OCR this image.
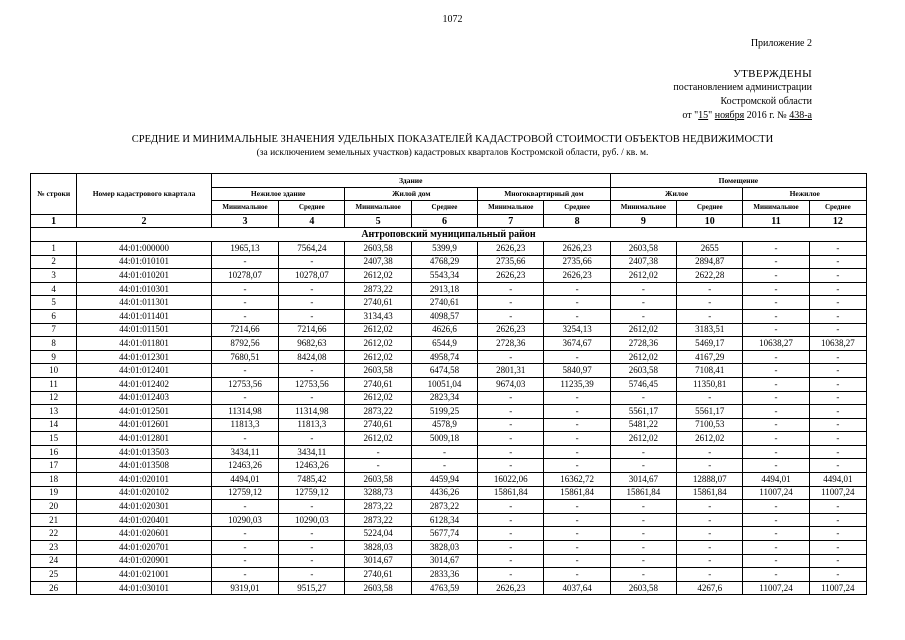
1072
Приложение 2
УТВЕРЖДЕНЫ
постановлением администрации
Костромской области
от "15" ноября 2016 г. № 438-а
СРЕДНИЕ И МИНИМАЛЬНЫЕ ЗНАЧЕНИЯ УДЕЛЬНЫХ ПОКАЗАТЕЛЕЙ КАДАСТРОВОЙ СТОИМОСТИ ОБЪЕКТОВ НЕДВИЖИМОСТИ
(за исключением земельных участков) кадастровых кварталов Костромской области, руб. / кв. м.
№ строки	Номер кадастрового квартала	Здание						Помещение			
		Нежилое здание		Жилой дом		Многоквартирный дом		Жилое		Нежилое	
		Минимальное	Среднее	Минимальное	Среднее	Минимальное	Среднее	Минимальное	Среднее	Минимальное	Среднее
1	2	3	4	5	6	7	8	9	10	11	12
Антроповский муниципальный район											
1	44:01:000000	1965,13	7564,24	2603,58	5399,9	2626,23	2626,23	2603,58	2655	-	-
2	44:01:010101	-	-	2407,38	4768,29	2735,66	2735,66	2407,38	2894,87	-	-
3	44:01:010201	10278,07	10278,07	2612,02	5543,34	2626,23	2626,23	2612,02	2622,28	-	-
4	44:01:010301	-	-	2873,22	2913,18	-	-	-	-	-	-
5	44:01:011301	-	-	2740,61	2740,61	-	-	-	-	-	-
6	44:01:011401	-	-	3134,43	4098,57	-	-	-	-	-	-
7	44:01:011501	7214,66	7214,66	2612,02	4626,6	2626,23	3254,13	2612,02	3183,51	-	-
8	44:01:011801	8792,56	9682,63	2612,02	6544,9	2728,36	3674,67	2728,36	5469,17	10638,27	10638,27
9	44:01:012301	7680,51	8424,08	2612,02	4958,74	-	-	2612,02	4167,29	-	-
10	44:01:012401	-	-	2603,58	6474,58	2801,31	5840,97	2603,58	7108,41	-	-
11	44:01:012402	12753,56	12753,56	2740,61	10051,04	9674,03	11235,39	5746,45	11350,81	-	-
12	44:01:012403	-	-	2612,02	2823,34	-	-	-	-	-	-
13	44:01:012501	11314,98	11314,98	2873,22	5199,25	-	-	5561,17	5561,17	-	-
14	44:01:012601	11813,3	11813,3	2740,61	4578,9	-	-	5481,22	7100,53	-	-
15	44:01:012801	-	-	2612,02	5009,18	-	-	2612,02	2612,02	-	-
16	44:01:013503	3434,11	3434,11	-	-	-	-	-	-	-	-
17	44:01:013508	12463,26	12463,26	-	-	-	-	-	-	-	-
18	44:01:020101	4494,01	7485,42	2603,58	4459,94	16022,06	16362,72	3014,67	12888,07	4494,01	4494,01
19	44:01:020102	12759,12	12759,12	3288,73	4436,26	15861,84	15861,84	15861,84	15861,84	11007,24	11007,24
20	44:01:020301	-	-	2873,22	2873,22	-	-	-	-	-	-
21	44:01:020401	10290,03	10290,03	2873,22	6128,34	-	-	-	-	-	-
22	44:01:020601	-	-	5224,04	5677,74	-	-	-	-	-	-
23	44:01:020701	-	-	3828,03	3828,03	-	-	-	-	-	-
24	44:01:020901	-	-	3014,67	3014,67	-	-	-	-	-	-
25	44:01:021001	-	-	2740,61	2833,36	-	-	-	-	-	-
26	44:01:030101	9319,01	9515,27	2603,58	4763,59	2626,23	4037,64	2603,58	4267,6	11007,24	11007,24
